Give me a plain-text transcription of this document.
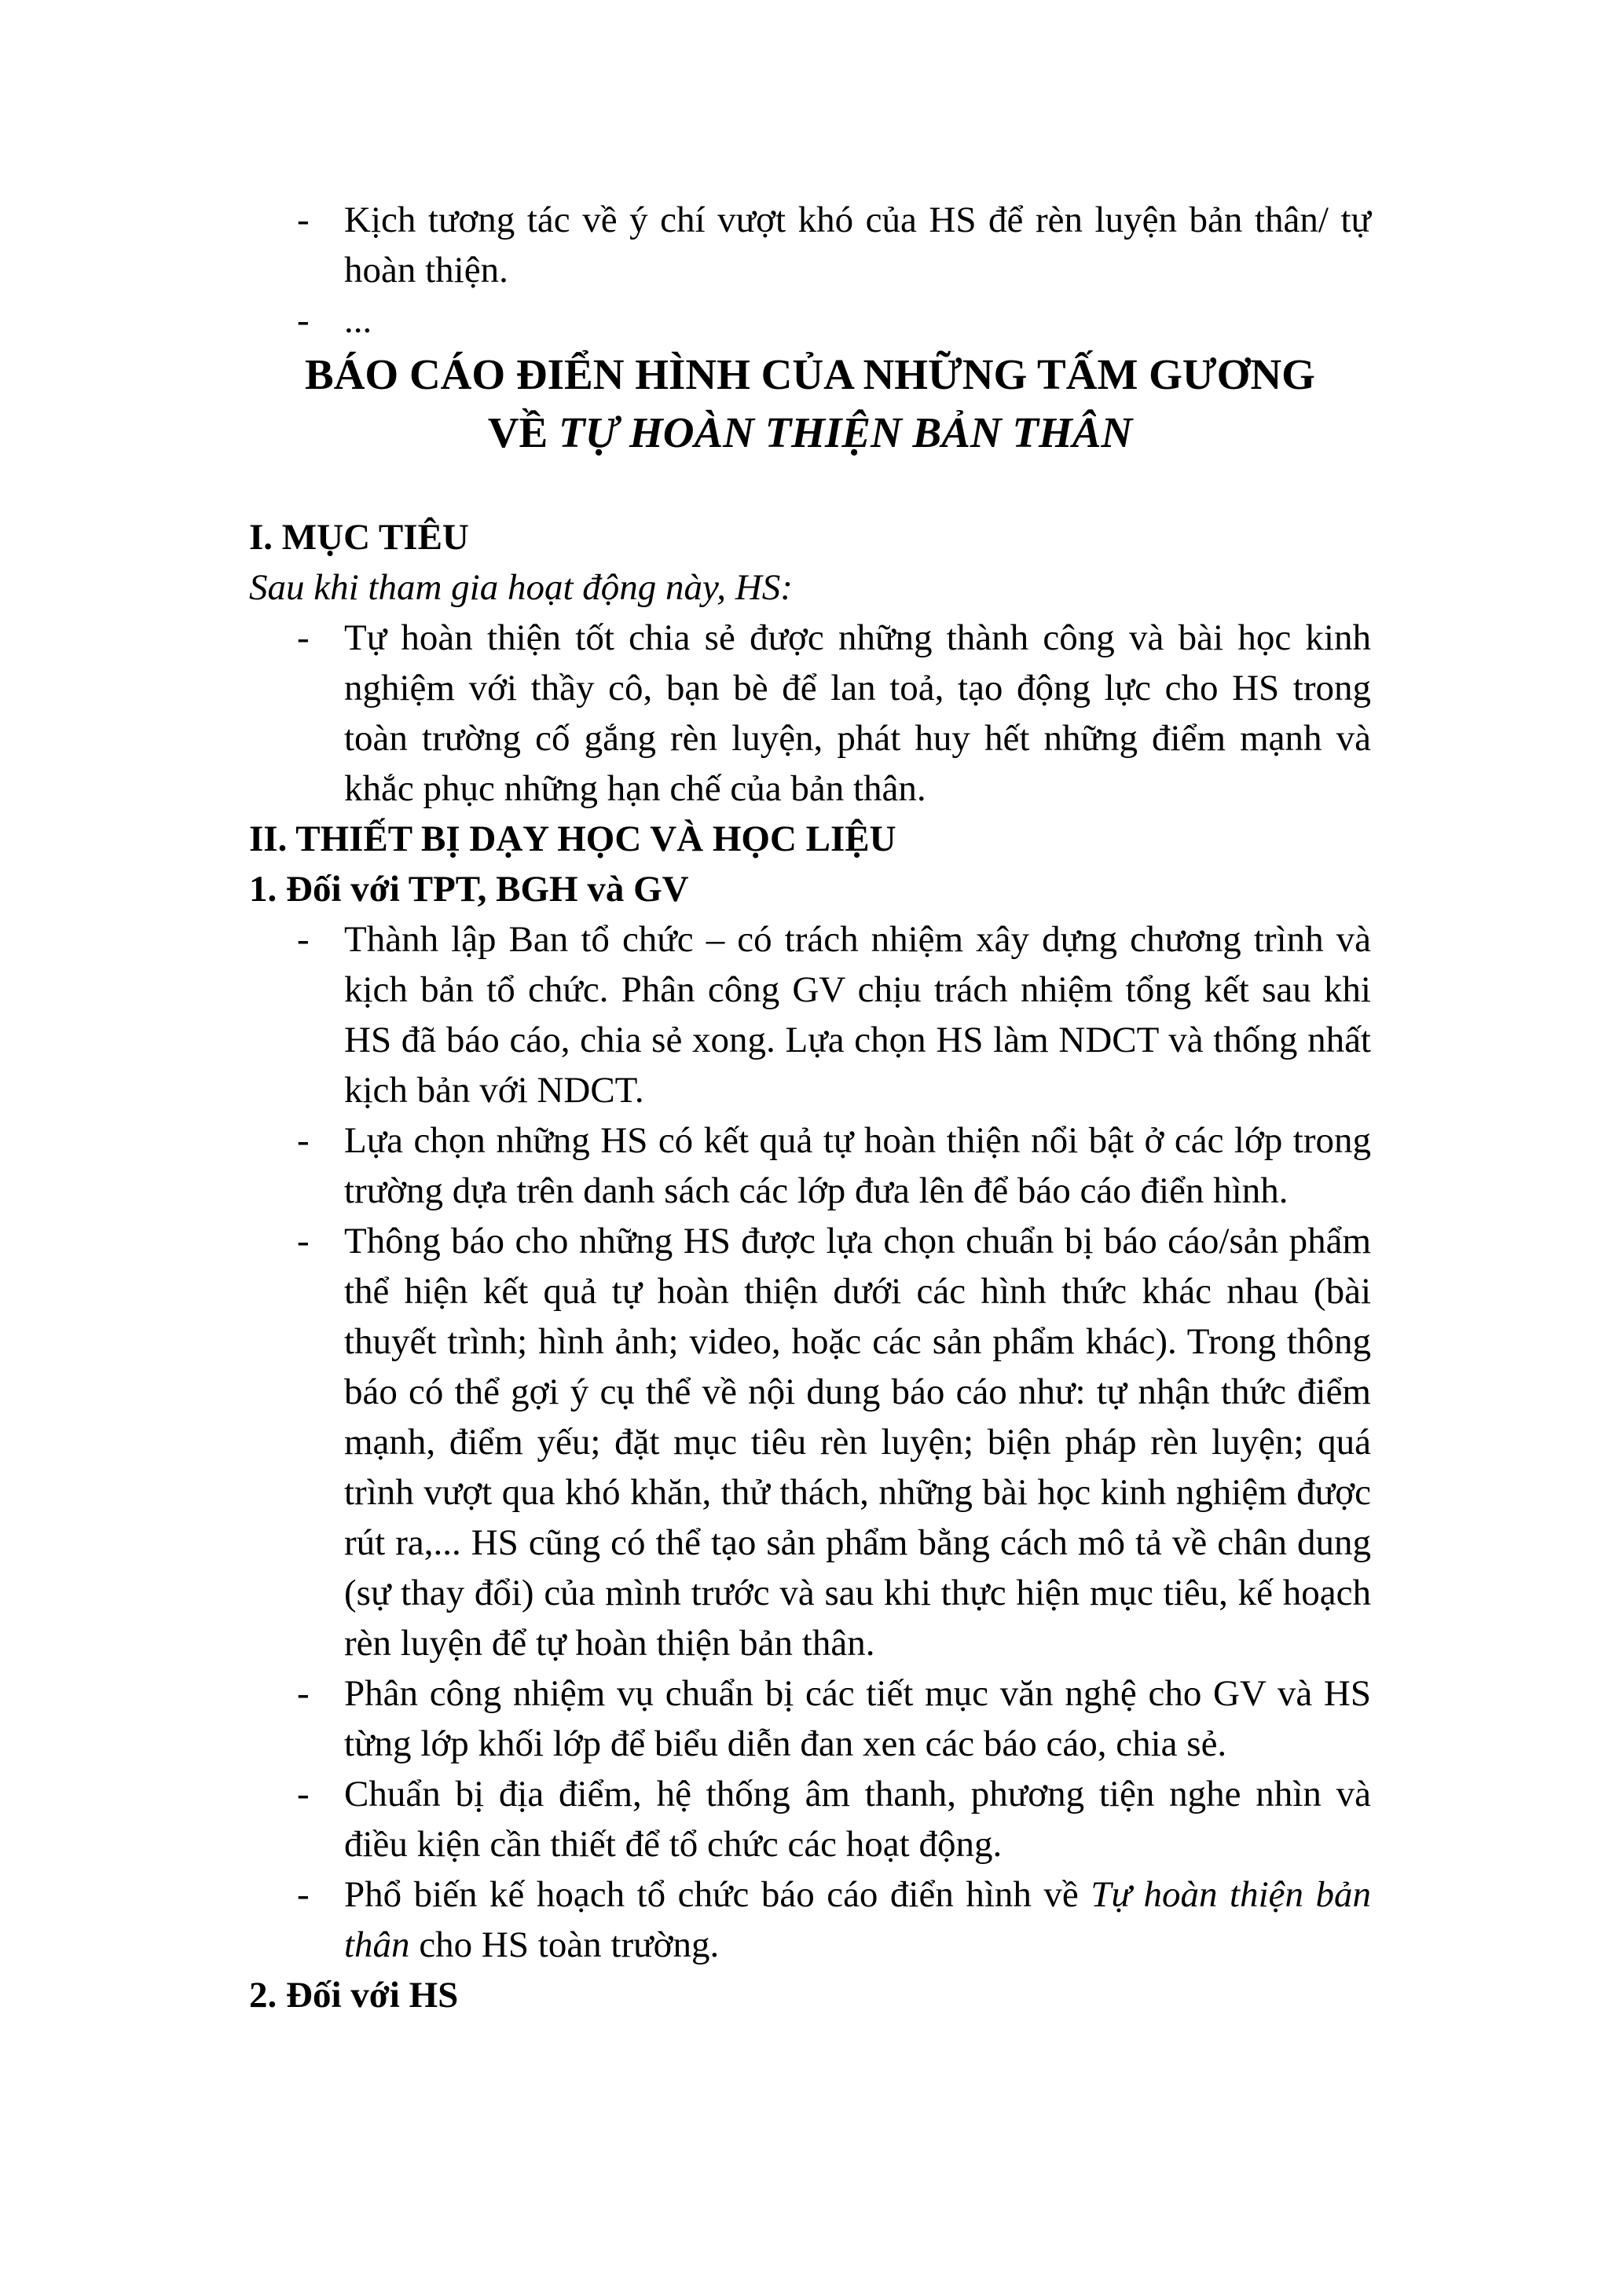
- Kịch tương tác về ý chí vượt khó của HS để rèn luyện bản thân/ tự hoàn thiện.
- ...
BÁO CÁO ĐIỂN HÌNH CỦA NHỮNG TẤM GƯƠNG
VỀ TỰ HOÀN THIỆN BẢN THÂN
I. MỤC TIÊU
Sau khi tham gia hoạt động này, HS:
- Tự hoàn thiện tốt chia sẻ được những thành công và bài học kinh nghiệm với thầy cô, bạn bè để lan toả, tạo động lực cho HS trong toàn trường cố gắng rèn luyện, phát huy hết những điểm mạnh và khắc phục những hạn chế của bản thân.
II. THIẾT BỊ DẠY HỌC VÀ HỌC LIỆU
1. Đối với TPT, BGH và GV
- Thành lập Ban tổ chức – có trách nhiệm xây dựng chương trình và kịch bản tổ chức. Phân công GV chịu trách nhiệm tổng kết sau khi HS đã báo cáo, chia sẻ xong. Lựa chọn HS làm NDCT và thống nhất kịch bản với NDCT.
- Lựa chọn những HS có kết quả tự hoàn thiện nổi bật ở các lớp trong trường dựa trên danh sách các lớp đưa lên để báo cáo điển hình.
- Thông báo cho những HS được lựa chọn chuẩn bị báo cáo/sản phẩm thể hiện kết quả tự hoàn thiện dưới các hình thức khác nhau (bài thuyết trình; hình ảnh; video, hoặc các sản phẩm khác). Trong thông báo có thể gợi ý cụ thể về nội dung báo cáo như: tự nhận thức điểm mạnh, điểm yếu; đặt mục tiêu rèn luyện; biện pháp rèn luyện; quá trình vượt qua khó khăn, thử thách, những bài học kinh nghiệm được rút ra,... HS cũng có thể tạo sản phẩm bằng cách mô tả về chân dung (sự thay đổi) của mình trước và sau khi thực hiện mục tiêu, kế hoạch rèn luyện để tự hoàn thiện bản thân.
- Phân công nhiệm vụ chuẩn bị các tiết mục văn nghệ cho GV và HS từng lớp khối lớp để biểu diễn đan xen các báo cáo, chia sẻ.
- Chuẩn bị địa điểm, hệ thống âm thanh, phương tiện nghe nhìn và điều kiện cần thiết để tổ chức các hoạt động.
- Phổ biến kế hoạch tổ chức báo cáo điển hình về Tự hoàn thiện bản thân cho HS toàn trường.
2. Đối với HS
